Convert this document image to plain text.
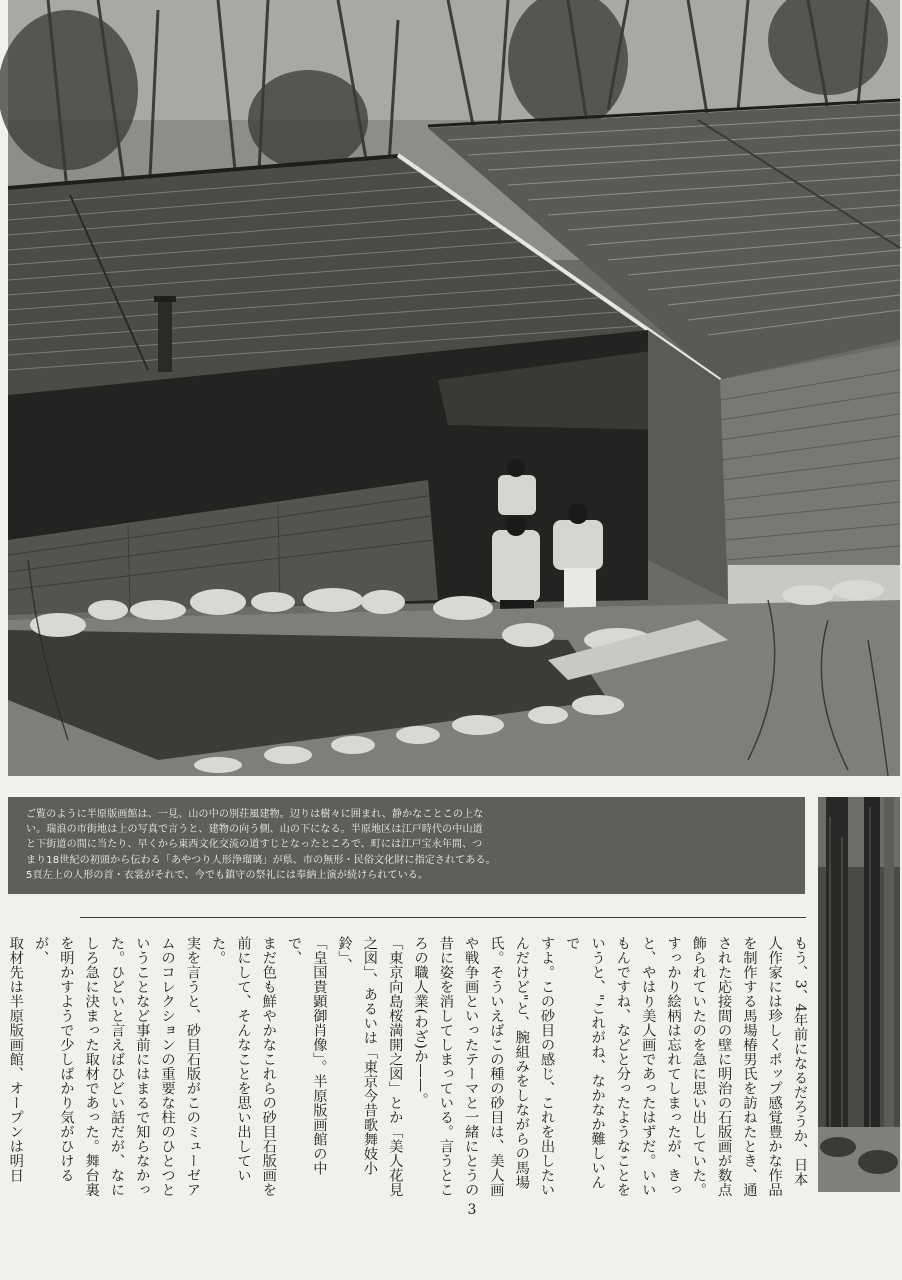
ご覧のように半原版画館は、一見、山の中の別荘風建物。辺りは樹々に囲まれ、静かなことこの上な
い。瑞浪の市街地は上の写真で言うと、建物の向う側、山の下になる。半原地区は江戸時代の中山道
と下街道の間に当たり、早くから東西文化交流の道すじとなったところで、町には江戸宝永年間、つ
まり18世紀の初頭から伝わる「あやつり人形浄瑠璃」が県、市の無形・民俗文化財に指定されてある。
5頁左上の人形の首・衣裳がそれで、今でも鎮守の祭礼には奉納上演が続けられている。

もう、3、4年前になるだろうか、日本
人作家には珍しくポップ感覚豊かな作品
を制作する馬場椿男氏を訪ねたとき、通
された応接間の壁に明治の石版画が数点
飾られていたのを急に思い出していた。
すっかり絵柄は忘れてしまったが、きっ
と、やはり美人画であったはずだ。いい
もんですね、などと分ったようなことを
いうと、"これがね、なかなか難しいんで
すよ。この砂目の感じ、これを出したい
んだけど"と、腕組みをしながらの馬場
氏。そういえばこの種の砂目は、美人画
や戦争画といったテーマと一緒にとうの
昔に姿を消してしまっている。言うとこ
ろの職人業(わざ)か——。
「東京向島桜満開之図」とか「美人花見
之図」、あるいは「東京今昔歌舞妓小鈴」、
「皇国貴顕御肖像」。半原版画館の中で、
まだ色も鮮やかなこれらの砂目石版画を
前にして、そんなことを思い出していた。
実を言うと、砂目石版がこのミューゼア
ムのコレクションの重要な柱のひとつと
いうことなど事前にはまるで知らなかっ
た。ひどいと言えばひどい話だが、なに
しろ急に決まった取材であった。舞台裏
を明かすようで少しばかり気がひけるが、
取材先は半原版画館、オープンは明日

3
